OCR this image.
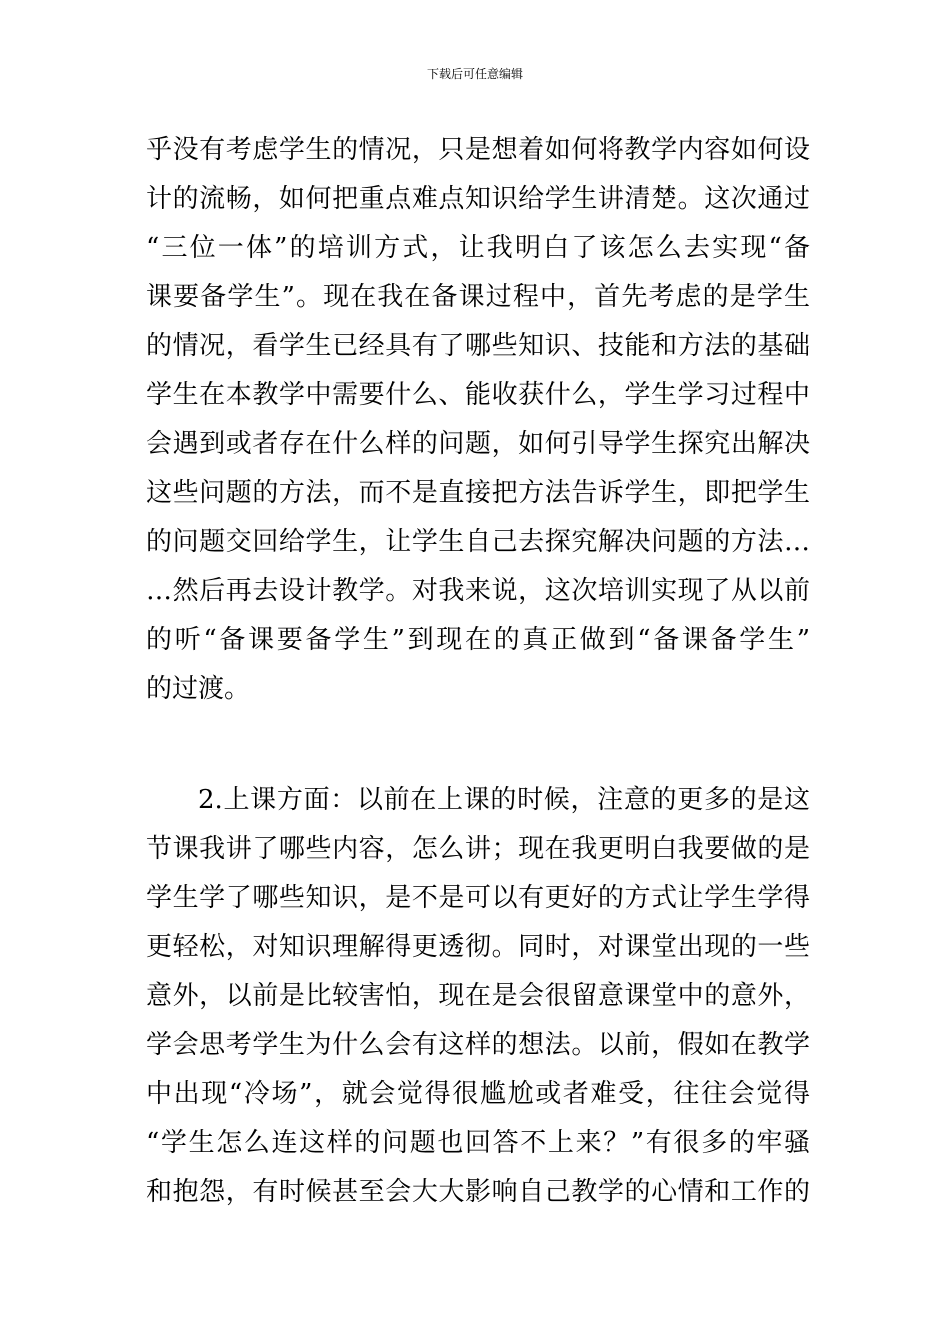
下载后可任意编辑
乎没有考虑学生的情况，只是想着如何将教学内容如何设
计的流畅，如何把重点难点知识给学生讲清楚。这次通过
“三位一体”的培训方式，让我明白了该怎么去实现“备
课要备学生”。现在我在备课过程中，首先考虑的是学生
的情况，看学生已经具有了哪些知识、技能和方法的基础
学生在本教学中需要什么、能收获什么，学生学习过程中
会遇到或者存在什么样的问题，如何引导学生探究出解决
这些问题的方法，而不是直接把方法告诉学生，即把学生
的问题交回给学生，让学生自己去探究解决问题的方法…
…然后再去设计教学。对我来说，这次培训实现了从以前
的听“备课要备学生”到现在的真正做到“备课备学生”
的过渡。
2.上课方面：以前在上课的时候，注意的更多的是这
节课我讲了哪些内容，怎么讲；现在我更明白我要做的是
学生学了哪些知识，是不是可以有更好的方式让学生学得
更轻松，对知识理解得更透彻。同时，对课堂出现的一些
意外，以前是比较害怕，现在是会很留意课堂中的意外，
学会思考学生为什么会有这样的想法。以前，假如在教学
中出现“冷场”，就会觉得很尴尬或者难受，往往会觉得
“学生怎么连这样的问题也回答不上来？”有很多的牢骚
和抱怨，有时候甚至会大大影响自己教学的心情和工作的
